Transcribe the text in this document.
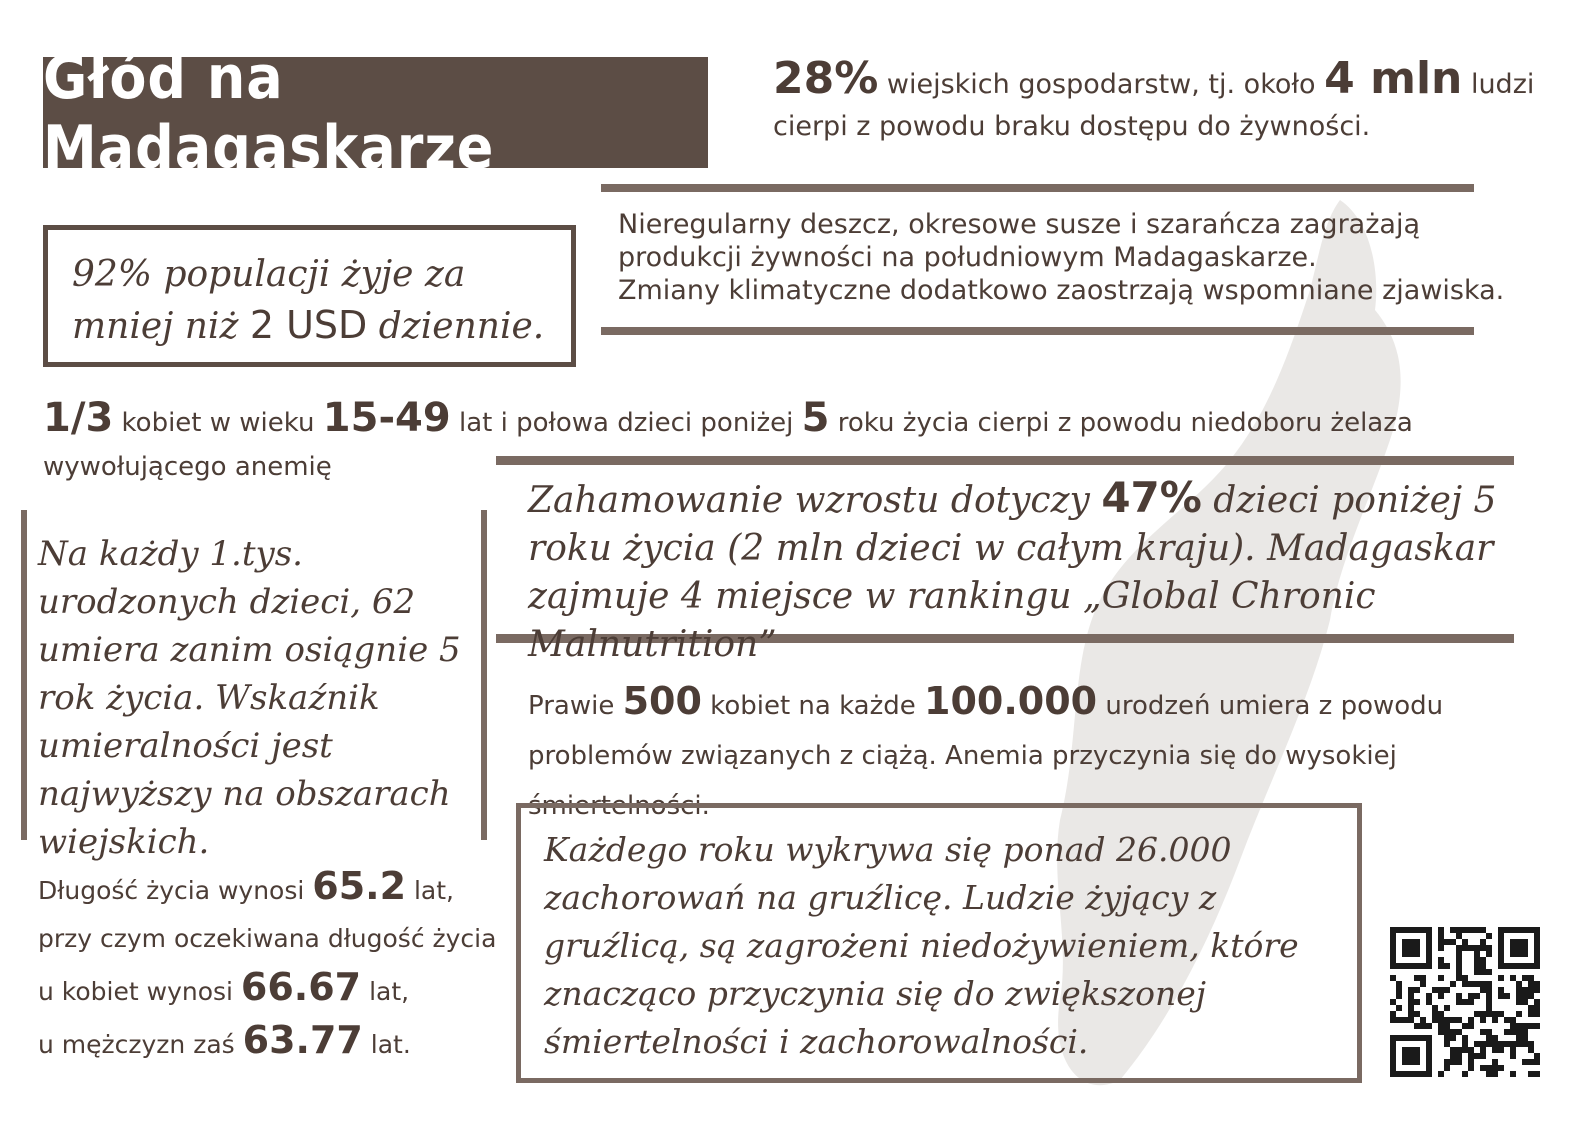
Głód na Madagaskarze
28% wiejskich gospodarstw, tj. około 4 mln ludzi cierpi z powodu braku dostępu do żywności.
92% populacji żyje za mniej niż 2 USD dziennie.
Nieregularny deszcz, okresowe susze i szarańcza zagrażają
produkcji żywności na południowym Madagaskarze.
Zmiany klimatyczne dodatkowo zaostrzają wspomniane zjawiska.
1/3 kobiet w wieku 15-49 lat i połowa dzieci poniżej 5 roku życia cierpi z powodu niedoboru żelaza wywołującego anemię
Zahamowanie wzrostu dotyczy 47% dzieci poniżej 5 roku życia (2 mln dzieci w całym kraju). Madagaskar zajmuje 4 miejsce w rankingu „Global Chronic Malnutrition”
Na każdy 1.tys. urodzonych dzieci, 62 umiera zanim osiągnie 5 rok życia. Wskaźnik umieralności jest najwyższy na obszarach wiejskich.
Prawie 500 kobiet na każde 100.000 urodzeń umiera z powodu problemów związanych z ciążą. Anemia przyczynia się do wysokiej śmiertelności.
Długość życia wynosi 65.2 lat,
przy czym oczekiwana długość życia
u kobiet wynosi 66.67 lat,
u mężczyzn zaś 63.77 lat.
Każdego roku wykrywa się ponad 26.000 zachorowań na gruźlicę. Ludzie żyjący z gruźlicą, są zagrożeni niedożywieniem, które znacząco przyczynia się do zwiększonej śmiertelności i zachorowalności.
